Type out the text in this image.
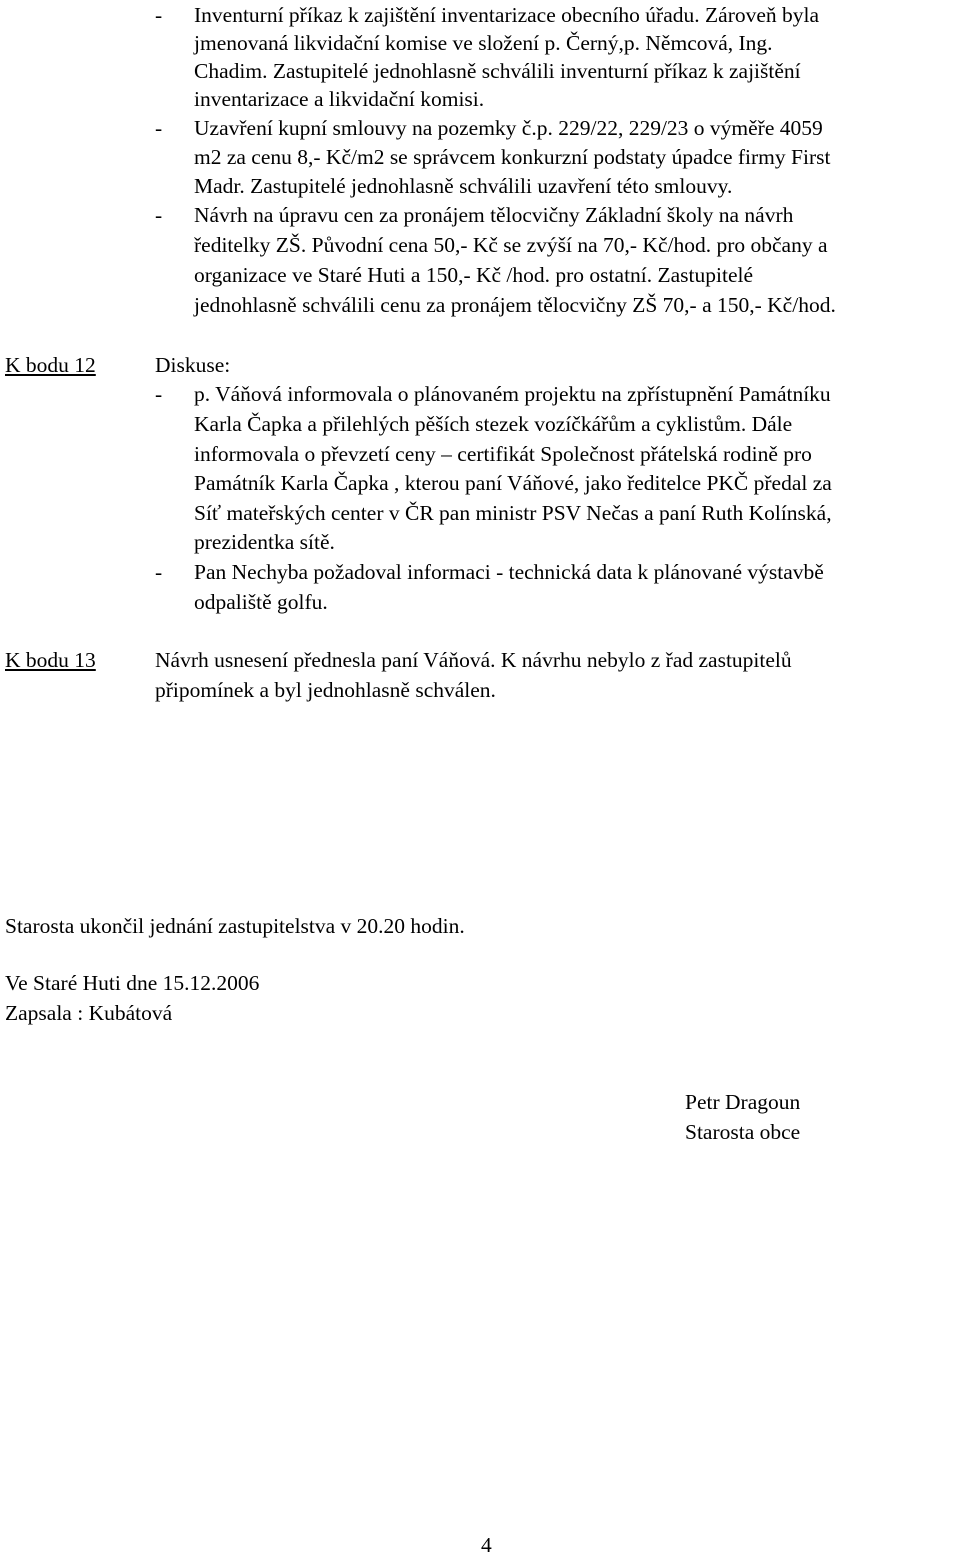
- Inventurní příkaz k zajištění inventarizace obecního úřadu. Zároveň byla
jmenovaná likvidační komise ve složení p. Černý,p. Němcová, Ing.
Chadim. Zastupitelé jednohlasně schválili inventurní příkaz k zajištění
inventarizace a likvidační komisi.
- Uzavření kupní smlouvy na pozemky č.p. 229/22, 229/23 o výměře 4059
m2 za cenu 8,- Kč/m2 se správcem konkurzní podstaty úpadce firmy First
Madr. Zastupitelé jednohlasně schválili uzavření této smlouvy.
- Návrh na úpravu cen za pronájem tělocvičny Základní školy na návrh
ředitelky ZŠ. Původní cena 50,- Kč se zvýší na 70,- Kč/hod. pro občany a
organizace ve Staré Huti a 150,- Kč /hod. pro ostatní. Zastupitelé
jednohlasně schválili cenu za pronájem tělocvičny ZŠ 70,- a 150,- Kč/hod.
K bodu 12	Diskuse:
- p. Váňová informovala o plánovaném projektu na zpřístupnění Památníku
Karla Čapka a přilehlých pěších stezek vozíčkářům a cyklistům. Dále
informovala o převzetí ceny – certifikát Společnost přátelská rodině pro
Památník Karla Čapka , kterou paní Váňové, jako ředitelce PKČ předal za
Síť mateřských center v ČR pan ministr PSV Nečas a paní Ruth Kolínská,
prezidentka sítě.
- Pan Nechyba požadoval informaci - technická data k plánované výstavbě
odpaliště golfu.
K bodu 13	Návrh usnesení přednesla paní Váňová. K návrhu nebylo z řad zastupitelů
připomínek a byl jednohlasně schválen.
Starosta ukončil jednání zastupitelstva v 20.20 hodin.
Ve Staré Huti dne 15.12.2006
Zapsala : Kubátová
Petr Dragoun
Starosta obce
4
